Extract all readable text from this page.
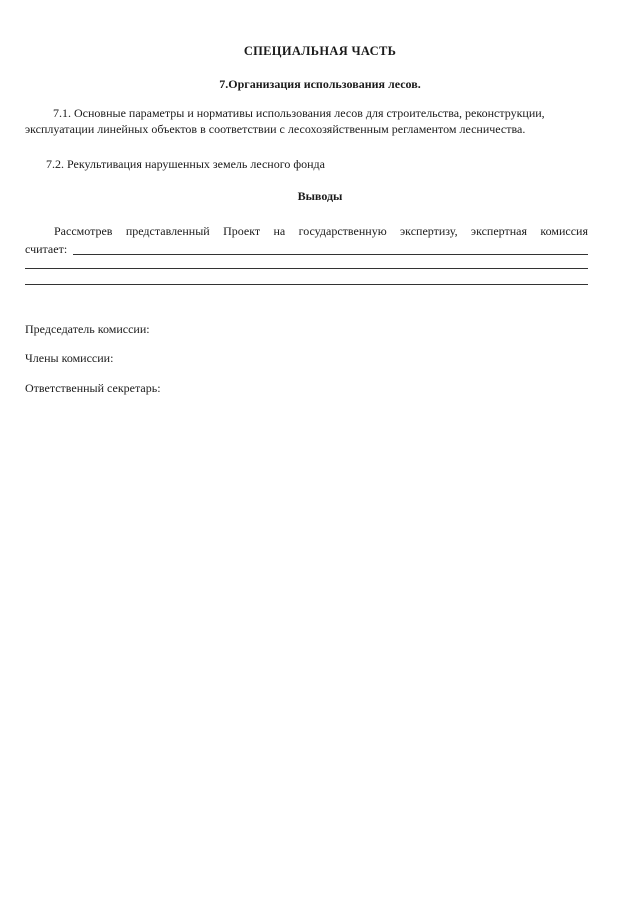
СПЕЦИАЛЬНАЯ ЧАСТЬ
7.Организация использования лесов.
7.1. Основные параметры и нормативы использования лесов для строительства, реконструкции,
эксплуатации линейных объектов в соответствии с лесохозяйственным регламентом лесничества.
7.2. Рекультивация нарушенных земель лесного фонда
Выводы
Рассмотрев представленный Проект на государственную экспертизу, экспертная комиссия
считает:
Председатель комиссии:
Члены комиссии:
Ответственный секретарь:
